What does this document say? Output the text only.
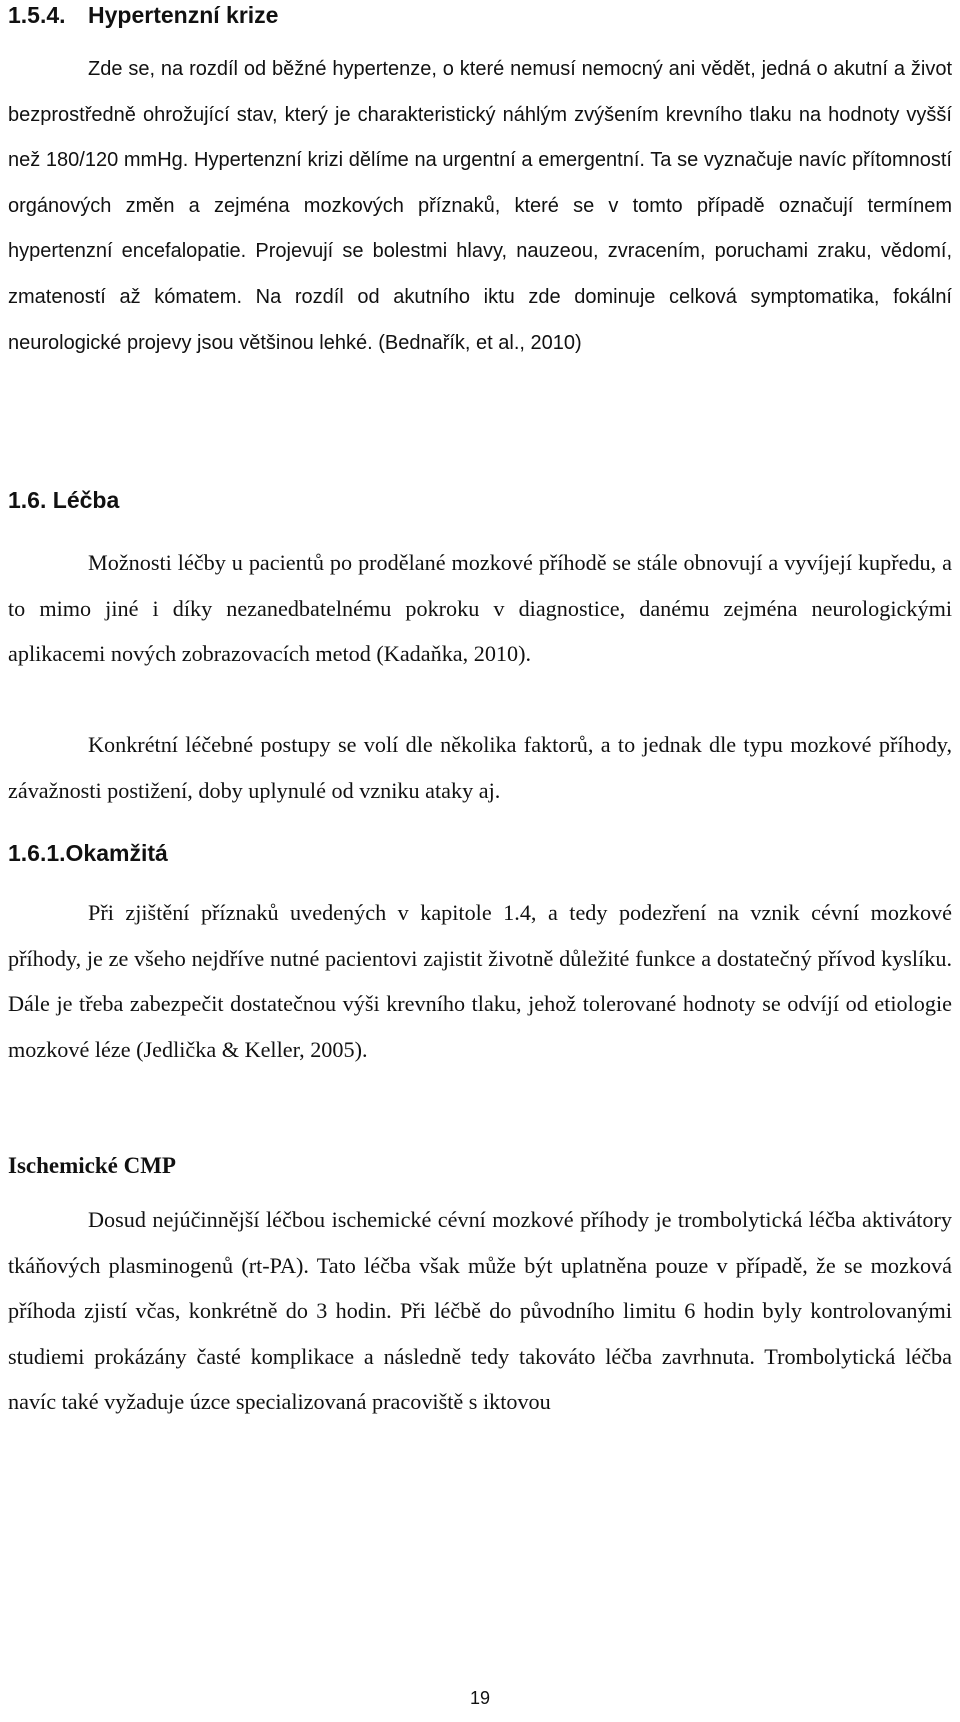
1.5.4. Hypertenzní krize

Zde se, na rozdíl od běžné hypertenze, o které nemusí nemocný ani vědět, jedná o akutní a život bezprostředně ohrožující stav, který je charakteristický náhlým zvýšením krevního tlaku na hodnoty vyšší než 180/120 mmHg. Hypertenzní krizi dělíme na urgentní a emergentní. Ta se vyznačuje navíc přítomností orgánových změn a zejména mozkových příznaků, které se v tomto případě označují termínem hypertenzní encefalopatie. Projevují se bolestmi hlavy, nauzeou, zvracením, poruchami zraku, vědomí, zmateností až kómatem. Na rozdíl od akutního iktu zde dominuje celková symptomatika, fokální neurologické projevy jsou většinou lehké. (Bednařík, et al., 2010)

1.6. Léčba

Možnosti léčby u pacientů po prodělané mozkové příhodě se stále obnovují a vyvíjejí kupředu, a to mimo jiné i díky nezanedbatelnému pokroku v diagnostice, danému zejména neurologickými aplikacemi nových zobrazovacích metod (Kadaňka, 2010).

Konkrétní léčebné postupy se volí dle několika faktorů, a to jednak dle typu mozkové příhody, závažnosti postižení, doby uplynulé od vzniku ataky aj.

1.6.1.Okamžitá

Při zjištění příznaků uvedených v kapitole 1.4, a tedy podezření na vznik cévní mozkové příhody, je ze všeho nejdříve nutné pacientovi zajistit životně důležité funkce a dostatečný přívod kyslíku. Dále je třeba zabezpečit dostatečnou výši krevního tlaku, jehož tolerované hodnoty se odvíjí od etiologie mozkové léze (Jedlička & Keller, 2005).

Ischemické CMP

Dosud nejúčinnější léčbou ischemické cévní mozkové příhody je trombolytická léčba aktivátory tkáňových plasminogenů (rt-PA). Tato léčba však může být uplatněna pouze v případě, že se mozková příhoda zjistí včas, konkrétně do 3 hodin. Při léčbě do původního limitu 6 hodin byly kontrolovanými studiemi prokázány časté komplikace a následně tedy takováto léčba zavrhnuta. Trombolytická léčba navíc také vyžaduje úzce specializovaná pracoviště s iktovou

19
